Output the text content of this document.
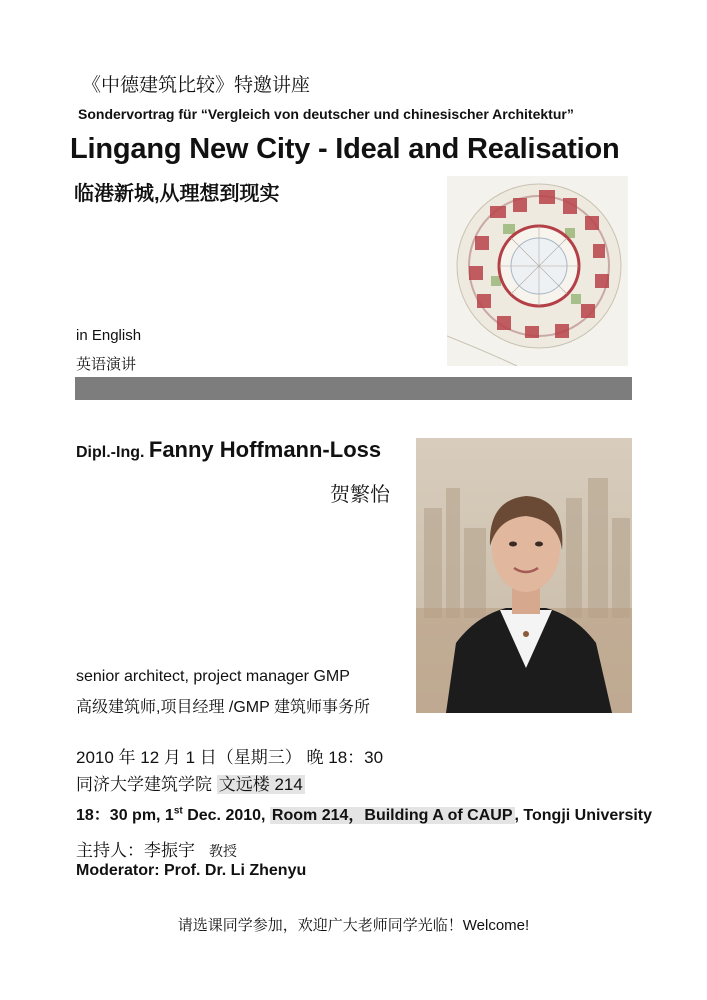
《中德建筑比较》特邀讲座
Sondervortrag für “Vergleich von deutscher und chinesischer Architektur”
Lingang New City - Ideal and Realisation
临港新城,从理想到现实
in English
英语演讲
Dipl.-Ing. Fanny Hoffmann-Loss
贺繁怡
senior architect, project manager GMP
高级建筑师,项目经理 /GMP 建筑师事务所
2010 年 12 月 1 日（星期三） 晚 18：30
同济大学建筑学院 文远楼 214
18：30 pm, 1st Dec. 2010, Room 214，Building A of CAUP , Tongji University
主持人：李振宇 教授
Moderator: Prof. Dr. Li Zhenyu
请选课同学参加，欢迎广大老师同学光临！Welcome!
